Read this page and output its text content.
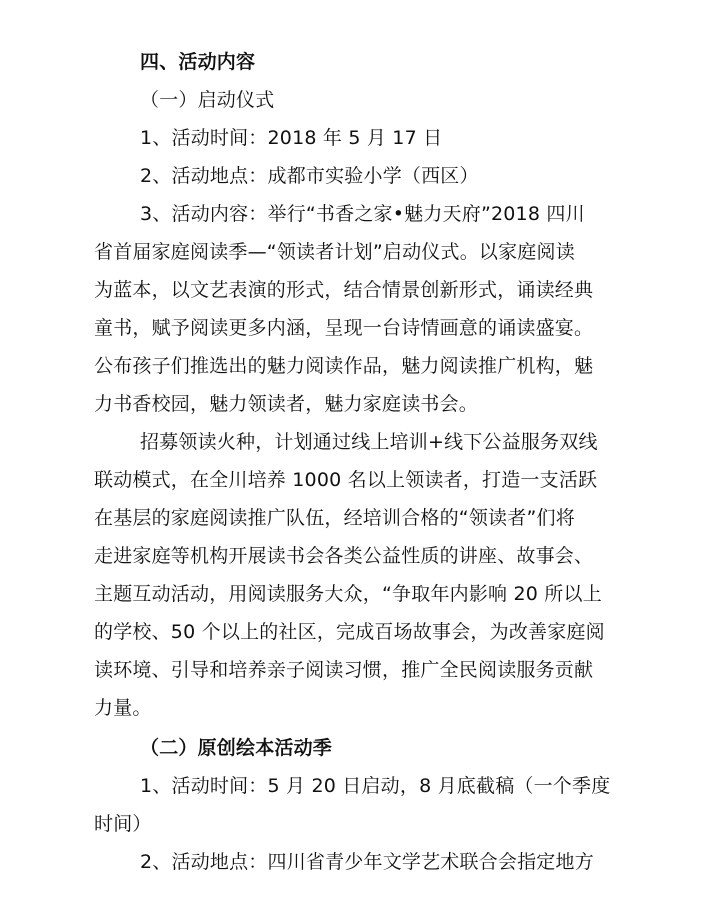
四、活动内容
（一）启动仪式
1、活动时间：2018 年 5 月 17 日
2、活动地点：成都市实验小学（西区）
3、活动内容：举行“书香之家•魅力天府”2018 四川
省首届家庭阅读季—“领读者计划”启动仪式。以家庭阅读
为蓝本，以文艺表演的形式，结合情景创新形式，诵读经典
童书，赋予阅读更多内涵，呈现一台诗情画意的诵读盛宴。
公布孩子们推选出的魅力阅读作品，魅力阅读推广机构，魅
力书香校园，魅力领读者，魅力家庭读书会。
招募领读火种，计划通过线上培训+线下公益服务双线
联动模式，在全川培养 1000 名以上领读者，打造一支活跃
在基层的家庭阅读推广队伍，经培训合格的“领读者”们将
走进家庭等机构开展读书会各类公益性质的讲座、故事会、
主题互动活动，用阅读服务大众，“争取年内影响 20 所以上
的学校、50 个以上的社区，完成百场故事会，为改善家庭阅
读环境、引导和培养亲子阅读习惯，推广全民阅读服务贡献
力量。
（二）原创绘本活动季
1、活动时间：5 月 20 日启动，8 月底截稿（一个季度
时间）
2、活动地点：四川省青少年文学艺术联合会指定地方
